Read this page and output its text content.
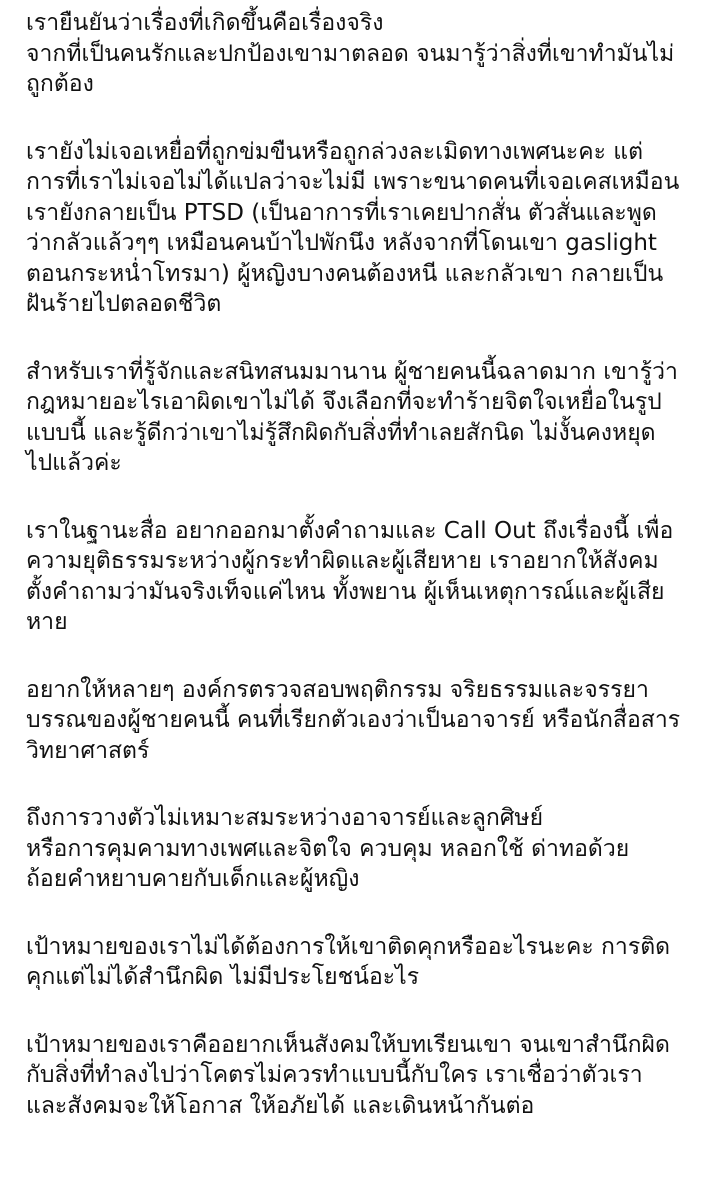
เรายืนยันว่าเรื่องที่เกิดขึ้นคือเรื่องจริง
จากที่เป็นคนรักและปกป้องเขามาตลอด จนมารู้ว่าสิ่งที่เขาทำมันไม่
ถูกต้อง
เรายังไม่เจอเหยื่อที่ถูกข่มขืนหรือถูกล่วงละเมิดทางเพศนะคะ แต่
การที่เราไม่เจอไม่ได้แปลว่าจะไม่มี เพราะขนาดคนที่เจอเคสเหมือน
เรายังกลายเป็น PTSD (เป็นอาการที่เราเคยปากสั่น ตัวสั่นและพูด
ว่ากลัวแล้วๆๆ เหมือนคนบ้าไปพักนึง หลังจากที่โดนเขา gaslight
ตอนกระหน่ำโทรมา) ผู้หญิงบางคนต้องหนี และกลัวเขา กลายเป็น
ฝันร้ายไปตลอดชีวิต
สำหรับเราที่รู้จักและสนิทสนมมานาน ผู้ชายคนนี้ฉลาดมาก เขารู้ว่า
กฎหมายอะไรเอาผิดเขาไม่ได้ จึงเลือกที่จะทำร้ายจิตใจเหยื่อในรูป
แบบนี้ และรู้ดีกว่าเขาไม่รู้สึกผิดกับสิ่งที่ทำเลยสักนิด ไม่งั้นคงหยุด
ไปแล้วค่ะ
เราในฐานะสื่อ อยากออกมาตั้งคำถามและ Call Out ถึงเรื่องนี้ เพื่อ
ความยุติธรรมระหว่างผู้กระทำผิดและผู้เสียหาย เราอยากให้สังคม
ตั้งคำถามว่ามันจริงเท็จแค่ไหน ทั้งพยาน ผู้เห็นเหตุการณ์และผู้เสีย
หาย
อยากให้หลายๆ องค์กรตรวจสอบพฤติกรรม จริยธรรมและจรรยา
บรรณของผู้ชายคนนี้ คนที่เรียกตัวเองว่าเป็นอาจารย์ หรือนักสื่อสาร
วิทยาศาสตร์
ถึงการวางตัวไม่เหมาะสมระหว่างอาจารย์และลูกศิษย์
หรือการคุมคามทางเพศและจิตใจ ควบคุม หลอกใช้ ด่าทอด้วย
ถ้อยคำหยาบคายกับเด็กและผู้หญิง
เป้าหมายของเราไม่ได้ต้องการให้เขาติดคุกหรืออะไรนะคะ การติด
คุกแต่ไม่ได้สำนึกผิด ไม่มีประโยชน์อะไร
เป้าหมายของเราคืออยากเห็นสังคมให้บทเรียนเขา จนเขาสำนึกผิด
กับสิ่งที่ทำลงไปว่าโคตรไม่ควรทำแบบนี้กับใคร เราเชื่อว่าตัวเรา
และสังคมจะให้โอกาส ให้อภัยได้ และเดินหน้ากันต่อ
